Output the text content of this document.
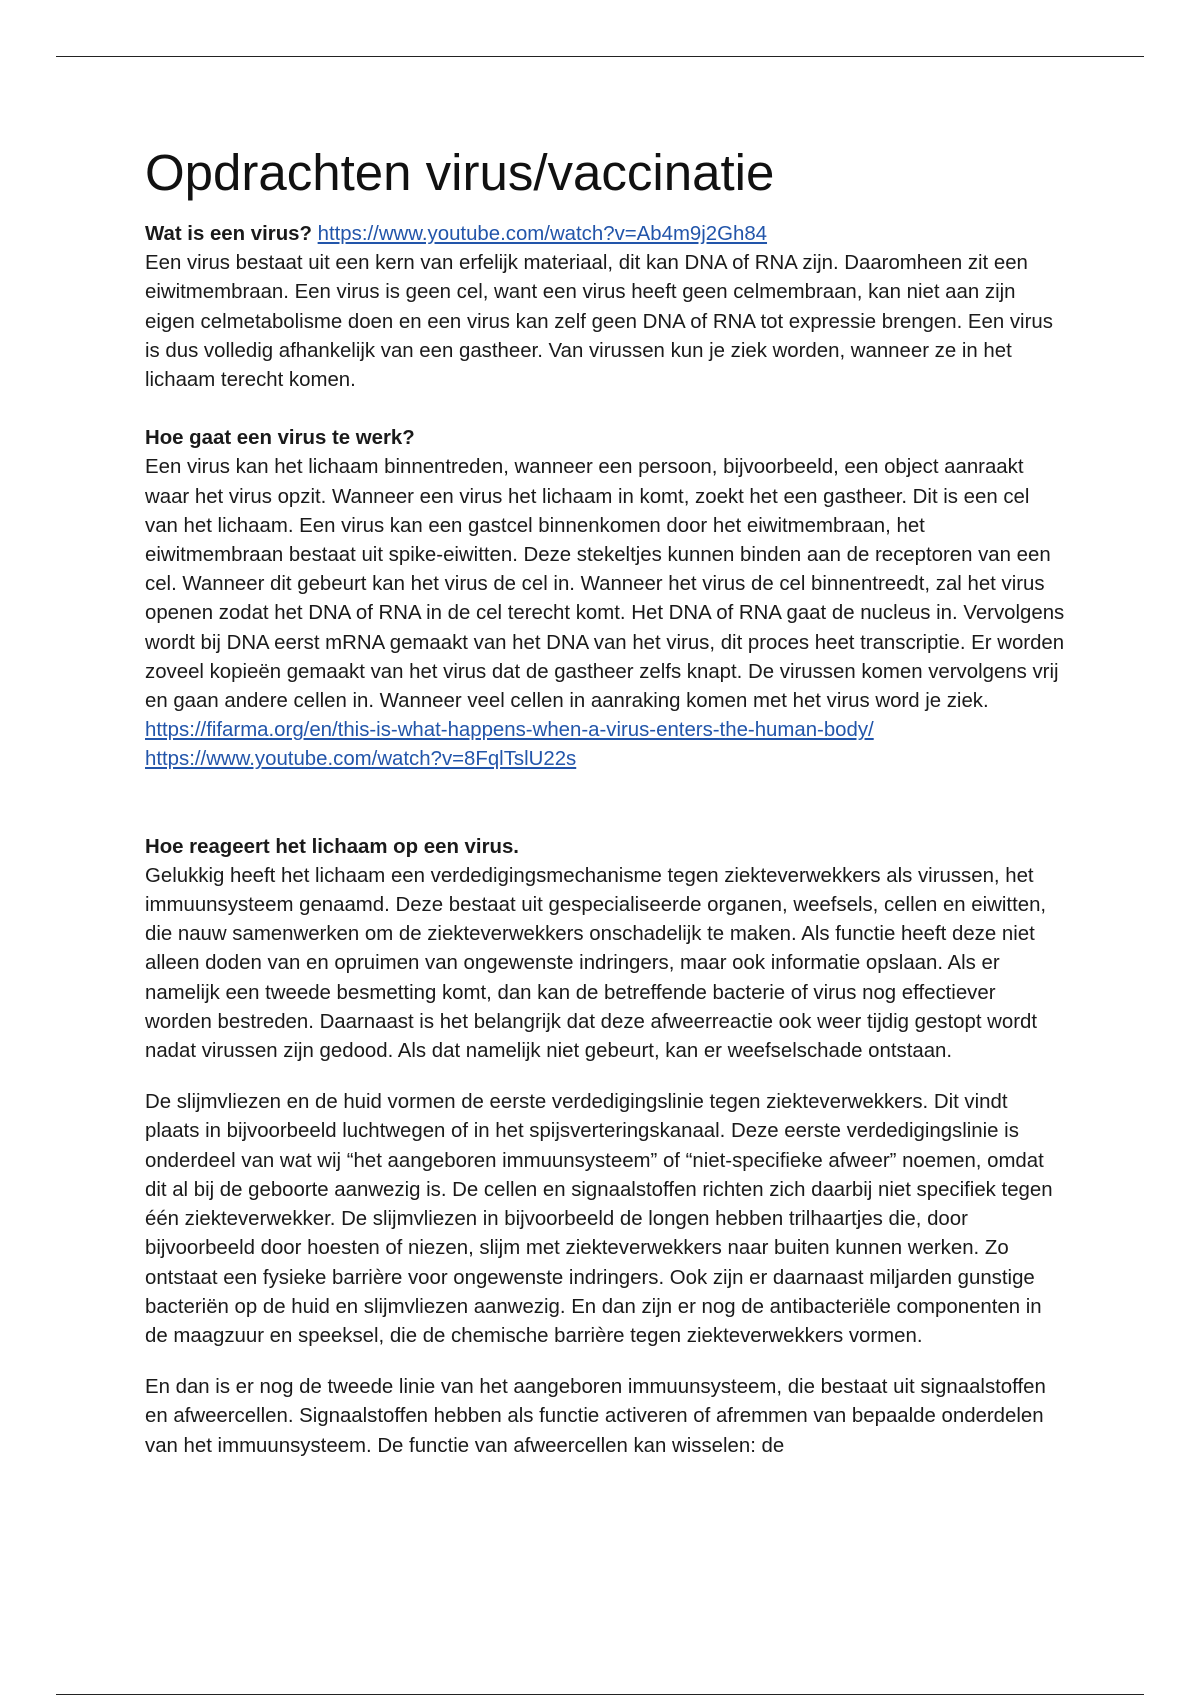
Opdrachten virus/vaccinatie

Wat is een virus? https://www.youtube.com/watch?v=Ab4m9j2Gh84

Een virus bestaat uit een kern van erfelijk materiaal, dit kan DNA of RNA zijn. Daaromheen zit een eiwitmembraan. Een virus is geen cel, want een virus heeft geen celmembraan, kan niet aan zijn eigen celmetabolisme doen en een virus kan zelf geen DNA of RNA tot expressie brengen. Een virus is dus volledig afhankelijk van een gastheer. Van virussen kun je ziek worden, wanneer ze in het lichaam terecht komen.

Hoe gaat een virus te werk?

Een virus kan het lichaam binnentreden, wanneer een persoon, bijvoorbeeld, een object aanraakt waar het virus opzit. Wanneer een virus het lichaam in komt, zoekt het een gastheer. Dit is een cel van het lichaam. Een virus kan een gastcel binnenkomen door het eiwitmembraan, het eiwitmembraan bestaat uit spike-eiwitten. Deze stekeltjes kunnen binden aan de receptoren van een cel. Wanneer dit gebeurt kan het virus de cel in. Wanneer het virus de cel binnentreedt, zal het virus openen zodat het DNA of RNA in de cel terecht komt. Het DNA of RNA gaat de nucleus in. Vervolgens wordt bij DNA eerst mRNA gemaakt van het DNA van het virus, dit proces heet transcriptie. Er worden zoveel kopieën gemaakt van het virus dat de gastheer zelfs knapt. De virussen komen vervolgens vrij en gaan andere cellen in. Wanneer veel cellen in aanraking komen met het virus word je ziek.

https://fifarma.org/en/this-is-what-happens-when-a-virus-enters-the-human-body/

https://www.youtube.com/watch?v=8FqlTslU22s

Hoe reageert het lichaam op een virus.

Gelukkig heeft het lichaam een verdedigingsmechanisme tegen ziekteverwekkers als virussen, het immuunsysteem genaamd. Deze bestaat uit gespecialiseerde organen, weefsels, cellen en eiwitten, die nauw samenwerken om de ziekteverwekkers onschadelijk te maken. Als functie heeft deze niet alleen doden van en opruimen van ongewenste indringers, maar ook informatie opslaan. Als er namelijk een tweede besmetting komt, dan kan de betreffende bacterie of virus nog effectiever worden bestreden. Daarnaast is het belangrijk dat deze afweerreactie ook weer tijdig gestopt wordt nadat virussen zijn gedood. Als dat namelijk niet gebeurt, kan er weefselschade ontstaan.

De slijmvliezen en de huid vormen de eerste verdedigingslinie tegen ziekteverwekkers. Dit vindt plaats in bijvoorbeeld luchtwegen of in het spijsverteringskanaal. Deze eerste verdedigingslinie is onderdeel van wat wij “het aangeboren immuunsysteem” of “niet-specifieke afweer” noemen, omdat dit al bij de geboorte aanwezig is. De cellen en signaalstoffen richten zich daarbij niet specifiek tegen één ziekteverwekker. De slijmvliezen in bijvoorbeeld de longen hebben trilhaartjes die, door bijvoorbeeld door hoesten of niezen, slijm met ziekteverwekkers naar buiten kunnen werken. Zo ontstaat een fysieke barrière voor ongewenste indringers. Ook zijn er daarnaast miljarden gunstige bacteriën op de huid en slijmvliezen aanwezig. En dan zijn er nog de antibacteriële componenten in de maagzuur en speeksel, die de chemische barrière tegen ziekteverwekkers vormen.

En dan is er nog de tweede linie van het aangeboren immuunsysteem, die bestaat uit signaalstoffen en afweercellen. Signaalstoffen hebben als functie activeren of afremmen van bepaalde onderdelen van het immuunsysteem. De functie van afweercellen kan wisselen: de
